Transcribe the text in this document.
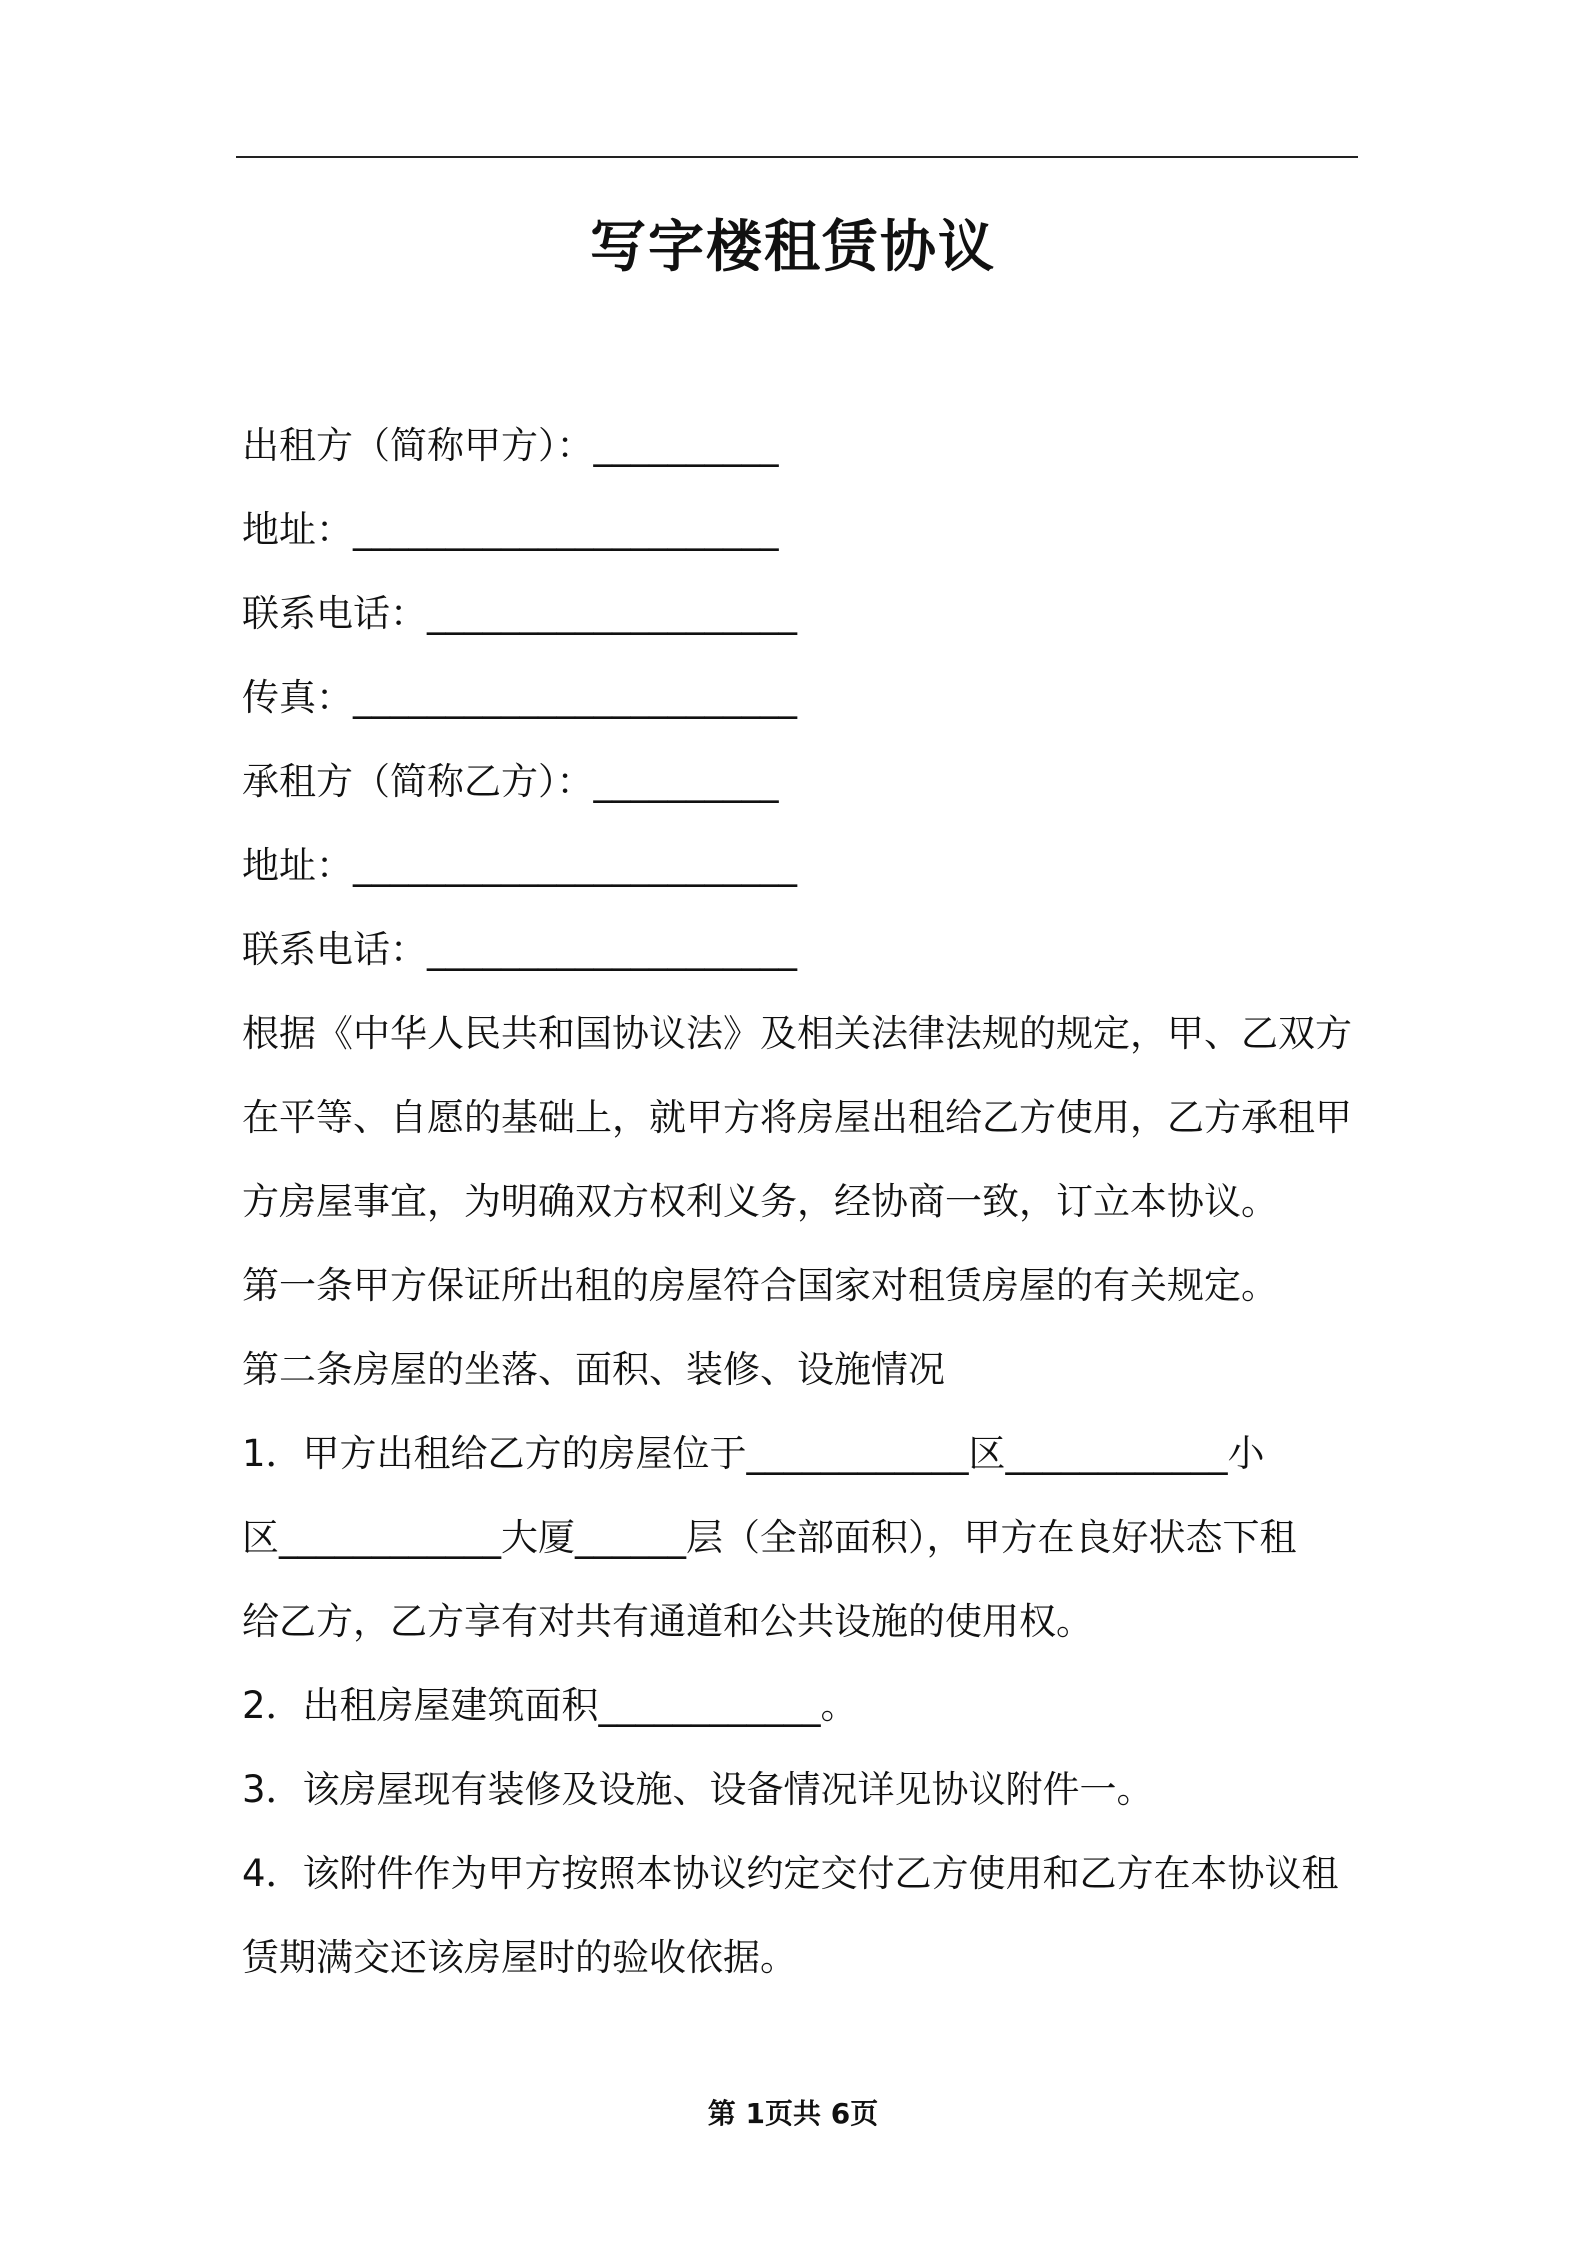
写字楼租赁协议
出租方（简称甲方）：__________
地址：_______________________
联系电话：____________________
传真：________________________
承租方（简称乙方）：__________
地址：________________________
联系电话：____________________
根据《中华人民共和国协议法》及相关法律法规的规定，甲、乙双方
在平等、自愿的基础上，就甲方将房屋出租给乙方使用，乙方承租甲
方房屋事宜，为明确双方权利义务，经协商一致，订立本协议。
第一条甲方保证所出租的房屋符合国家对租赁房屋的有关规定。
第二条房屋的坐落、面积、装修、设施情况
1．甲方出租给乙方的房屋位于____________区____________小
区____________大厦______层（全部面积），甲方在良好状态下租
给乙方，乙方享有对共有通道和公共设施的使用权。
2．出租房屋建筑面积____________。
3．该房屋现有装修及设施、设备情况详见协议附件一。
4．该附件作为甲方按照本协议约定交付乙方使用和乙方在本协议租
赁期满交还该房屋时的验收依据。
第 1页共 6页
